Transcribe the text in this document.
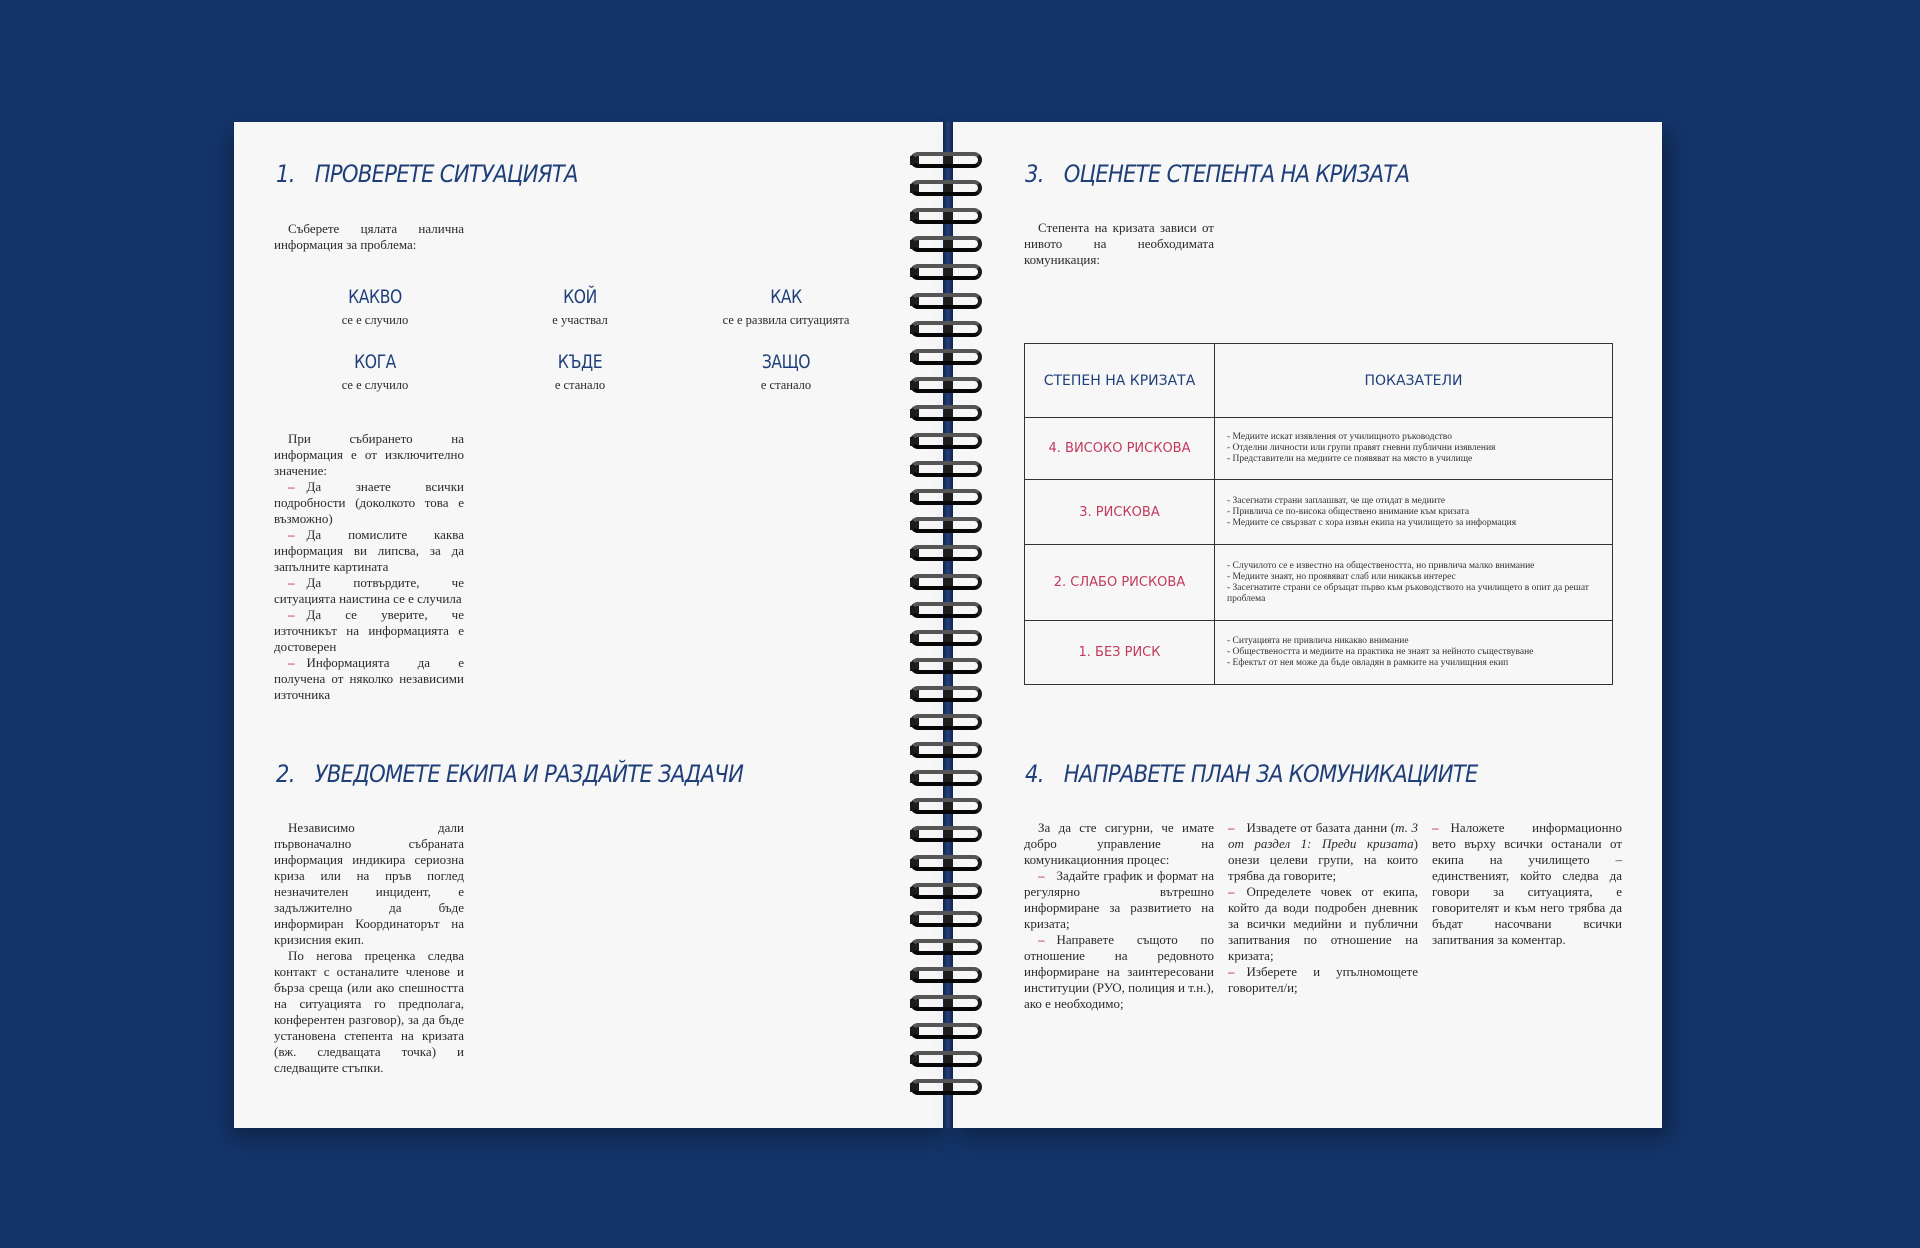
1. ПРОВЕРЕТЕ СИТУАЦИЯТА
Съберете цялата налична информация за проблема:
КАКВО
се е случило
КОЙ
е участвал
КАК
се е развила ситуацията
КОГА
се е случило
КЪДЕ
е станало
ЗАЩО
е станало
При събирането на информация е от изключително значение:
– Да знаете всички подробности (доколкото това е възможно)
– Да помислите каква информация ви липсва, за да запълните картината
– Да потвърдите, че ситуацията наистина се е случила
– Да се уверите, че източникът на информацията е достоверен
– Информацията да е получена от няколко независими източника
2. УВЕДОМЕТЕ ЕКИПА И РАЗДАЙТЕ ЗАДАЧИ
Независимо дали първоначално събраната информация индикира сериозна криза или на пръв поглед незначителен инцидент, е задължително да бъде информиран Координаторът на кризисния екип.
По негова преценка следва контакт с останалите членове и бърза среща (или ако спешността на ситуацията го предполага, конферентен разговор), за да бъде установена степента на кризата (вж. следващата точка) и следващите стъпки.
3. ОЦЕНЕТЕ СТЕПЕНТА НА КРИЗАТА
Степента на кризата зависи от нивото на необходимата комуникация:
СТЕПЕН НА КРИЗАТА	ПОКАЗАТЕЛИ
4. ВИСОКО РИСКОВА	- Медиите искат изявления от училищното ръководство
- Отделни личности или групи правят гневни публични изявления
- Представители на медиите се появяват на място в училище

3. РИСКОВА	- Засегнати страни заплашват, че ще отидат в медиите
- Привлича се по-висока обществено внимание към кризата
- Медиите се свързват с хора извън екипа на училището за информация

2. СЛАБО РИСКОВА	- Случилото се е известно на обществеността, но привлича малко внимание
- Медиите знаят, но проявяват слаб или никакъв интерес
- Засегнатите страни се обръщат първо към ръководството на училището в опит да решат проблема

1. БЕЗ РИСК	- Ситуацията не привлича никакво внимание
- Обществеността и медиите на практика не знаят за нейното съществуване
- Ефектът от нея може да бъде овладян в рамките на училищния екип
4. НАПРАВЕТЕ ПЛАН ЗА КОМУНИКАЦИИТЕ
За да сте сигурни, че имате добро управление на комуникационния процес:
– Задайте график и формат на регулярно вътрешно информиране за развитието на кризата;
– Направете същото по отношение на редовното информиране на заинтересовани институции (РУО, полиция и т.н.), ако е необходимо;
– Извадете от базата данни (т. 3 от раздел 1: Преди кризата) онези целеви групи, на които трябва да говорите;
– Определете човек от екипа, който да води подробен дневник за всички медийни и публични запитвания по отношение на кризата;
– Изберете и упълномощете говорител/и;
– Наложете информационно вето върху всички останали от екипа на училището – единственият, който следва да говори за ситуацията, е говорителят и към него трябва да бъдат насочвани всички запитвания за коментар.
